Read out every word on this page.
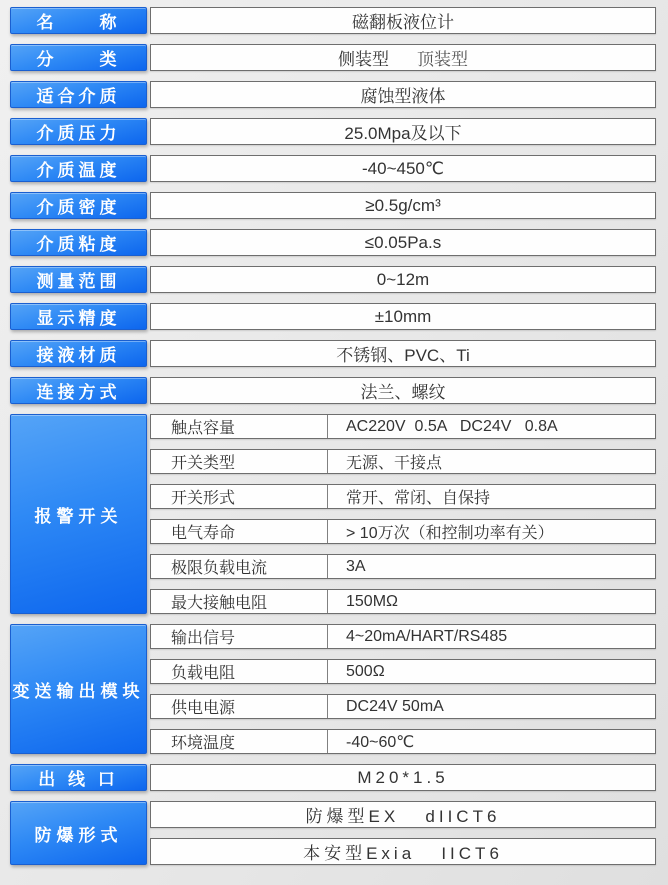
名　　称	磁翻板液位计
分　　类	侧装型 顶装型
适合介质	腐蚀型液体
介质压力	25.0Mpa及以下
介质温度	-40~450℃
介质密度	≥0.5g/cm³
介质粘度	≤0.05Pa.s
测量范围	0~12m
显示精度	±10mm
接液材质	不锈钢、PVC、Ti
连接方式	法兰、螺纹
报警开关
触点容量	AC220V  0.5A   DC24V   0.8A
开关类型	无源、干接点
开关形式	常开、常闭、自保持
电气寿命	> 10万次（和控制功率有关）
极限负载电流	3A
最大接触电阻	150MΩ
变送输出模块
输出信号	4~20mA/HART/RS485
负载电阻	500Ω
供电电源	DC24V 50mA
环境温度	-40~60℃
出 线 口	M20*1.5
防爆形式
防爆型EX   dIICT6
本安型Exia   IICT6
